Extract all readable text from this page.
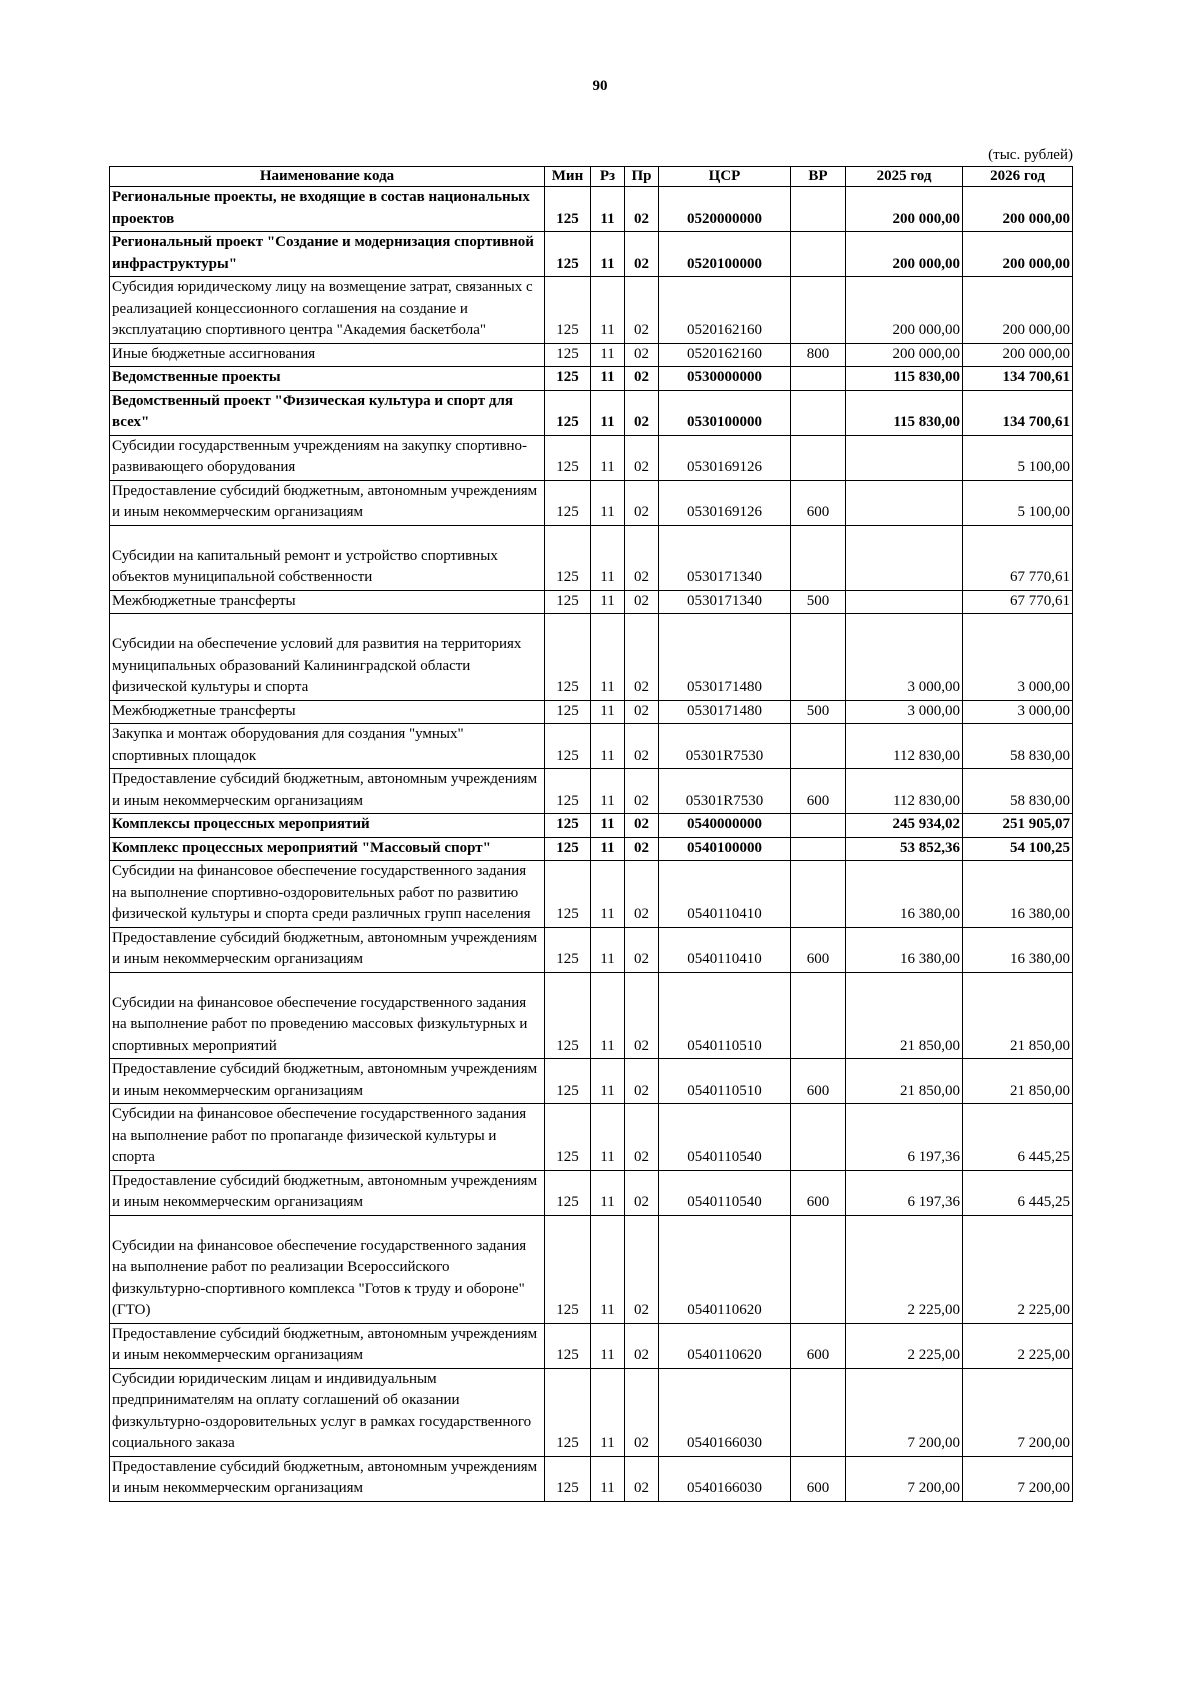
90
(тыс. рублей)
Наименование кода	Мин	Рз	Пр	ЦСР	ВР	2025 год	2026 год
Региональные проекты, не входящие в состав национальных проектов	125	11	02	0520000000		200 000,00	200 000,00
Региональный проект "Создание и модернизация спортивной инфраструктуры"	125	11	02	0520100000		200 000,00	200 000,00
Субсидия юридическому лицу на возмещение затрат, связанных с реализацией концессионного соглашения на создание и эксплуатацию спортивного центра "Академия баскетбола"	125	11	02	0520162160		200 000,00	200 000,00
Иные бюджетные ассигнования	125	11	02	0520162160	800	200 000,00	200 000,00
Ведомственные проекты	125	11	02	0530000000		115 830,00	134 700,61
Ведомственный проект "Физическая культура и спорт для всех"	125	11	02	0530100000		115 830,00	134 700,61
Субсидии государственным учреждениям на закупку спортивно-развивающего оборудования	125	11	02	0530169126			5 100,00
Предоставление субсидий бюджетным, автономным учреждениям и иным некоммерческим организациям	125	11	02	0530169126	600		5 100,00
Субсидии на капитальный ремонт и устройство спортивных объектов муниципальной собственности	125	11	02	0530171340			67 770,61
Межбюджетные трансферты	125	11	02	0530171340	500		67 770,61
Субсидии на обеспечение условий для развития на территориях муниципальных образований Калининградской области физической культуры и спорта	125	11	02	0530171480		3 000,00	3 000,00
Межбюджетные трансферты	125	11	02	0530171480	500	3 000,00	3 000,00
Закупка и монтаж оборудования для создания "умных" спортивных площадок	125	11	02	05301R7530		112 830,00	58 830,00
Предоставление субсидий бюджетным, автономным учреждениям и иным некоммерческим организациям	125	11	02	05301R7530	600	112 830,00	58 830,00
Комплексы процессных мероприятий	125	11	02	0540000000		245 934,02	251 905,07
Комплекс процессных мероприятий "Массовый спорт"	125	11	02	0540100000		53 852,36	54 100,25
Субсидии на финансовое обеспечение государственного задания на выполнение спортивно-оздоровительных работ по развитию физической культуры и спорта среди различных групп населения	125	11	02	0540110410		16 380,00	16 380,00
Предоставление субсидий бюджетным, автономным учреждениям и иным некоммерческим организациям	125	11	02	0540110410	600	16 380,00	16 380,00
Субсидии на финансовое обеспечение государственного задания на выполнение работ по проведению массовых физкультурных и спортивных мероприятий	125	11	02	0540110510		21 850,00	21 850,00
Предоставление субсидий бюджетным, автономным учреждениям и иным некоммерческим организациям	125	11	02	0540110510	600	21 850,00	21 850,00
Субсидии на финансовое обеспечение государственного задания на выполнение работ по пропаганде физической культуры и спорта	125	11	02	0540110540		6 197,36	6 445,25
Предоставление субсидий бюджетным, автономным учреждениям и иным некоммерческим организациям	125	11	02	0540110540	600	6 197,36	6 445,25
Субсидии на финансовое обеспечение государственного задания на выполнение работ по реализации Всероссийского физкультурно-спортивного комплекса "Готов к труду и обороне" (ГТО)	125	11	02	0540110620		2 225,00	2 225,00
Предоставление субсидий бюджетным, автономным учреждениям и иным некоммерческим организациям	125	11	02	0540110620	600	2 225,00	2 225,00
Субсидии юридическим лицам и индивидуальным предпринимателям на оплату соглашений об оказании физкультурно-оздоровительных услуг в рамках государственного социального заказа	125	11	02	0540166030		7 200,00	7 200,00
Предоставление субсидий бюджетным, автономным учреждениям и иным некоммерческим организациям	125	11	02	0540166030	600	7 200,00	7 200,00
